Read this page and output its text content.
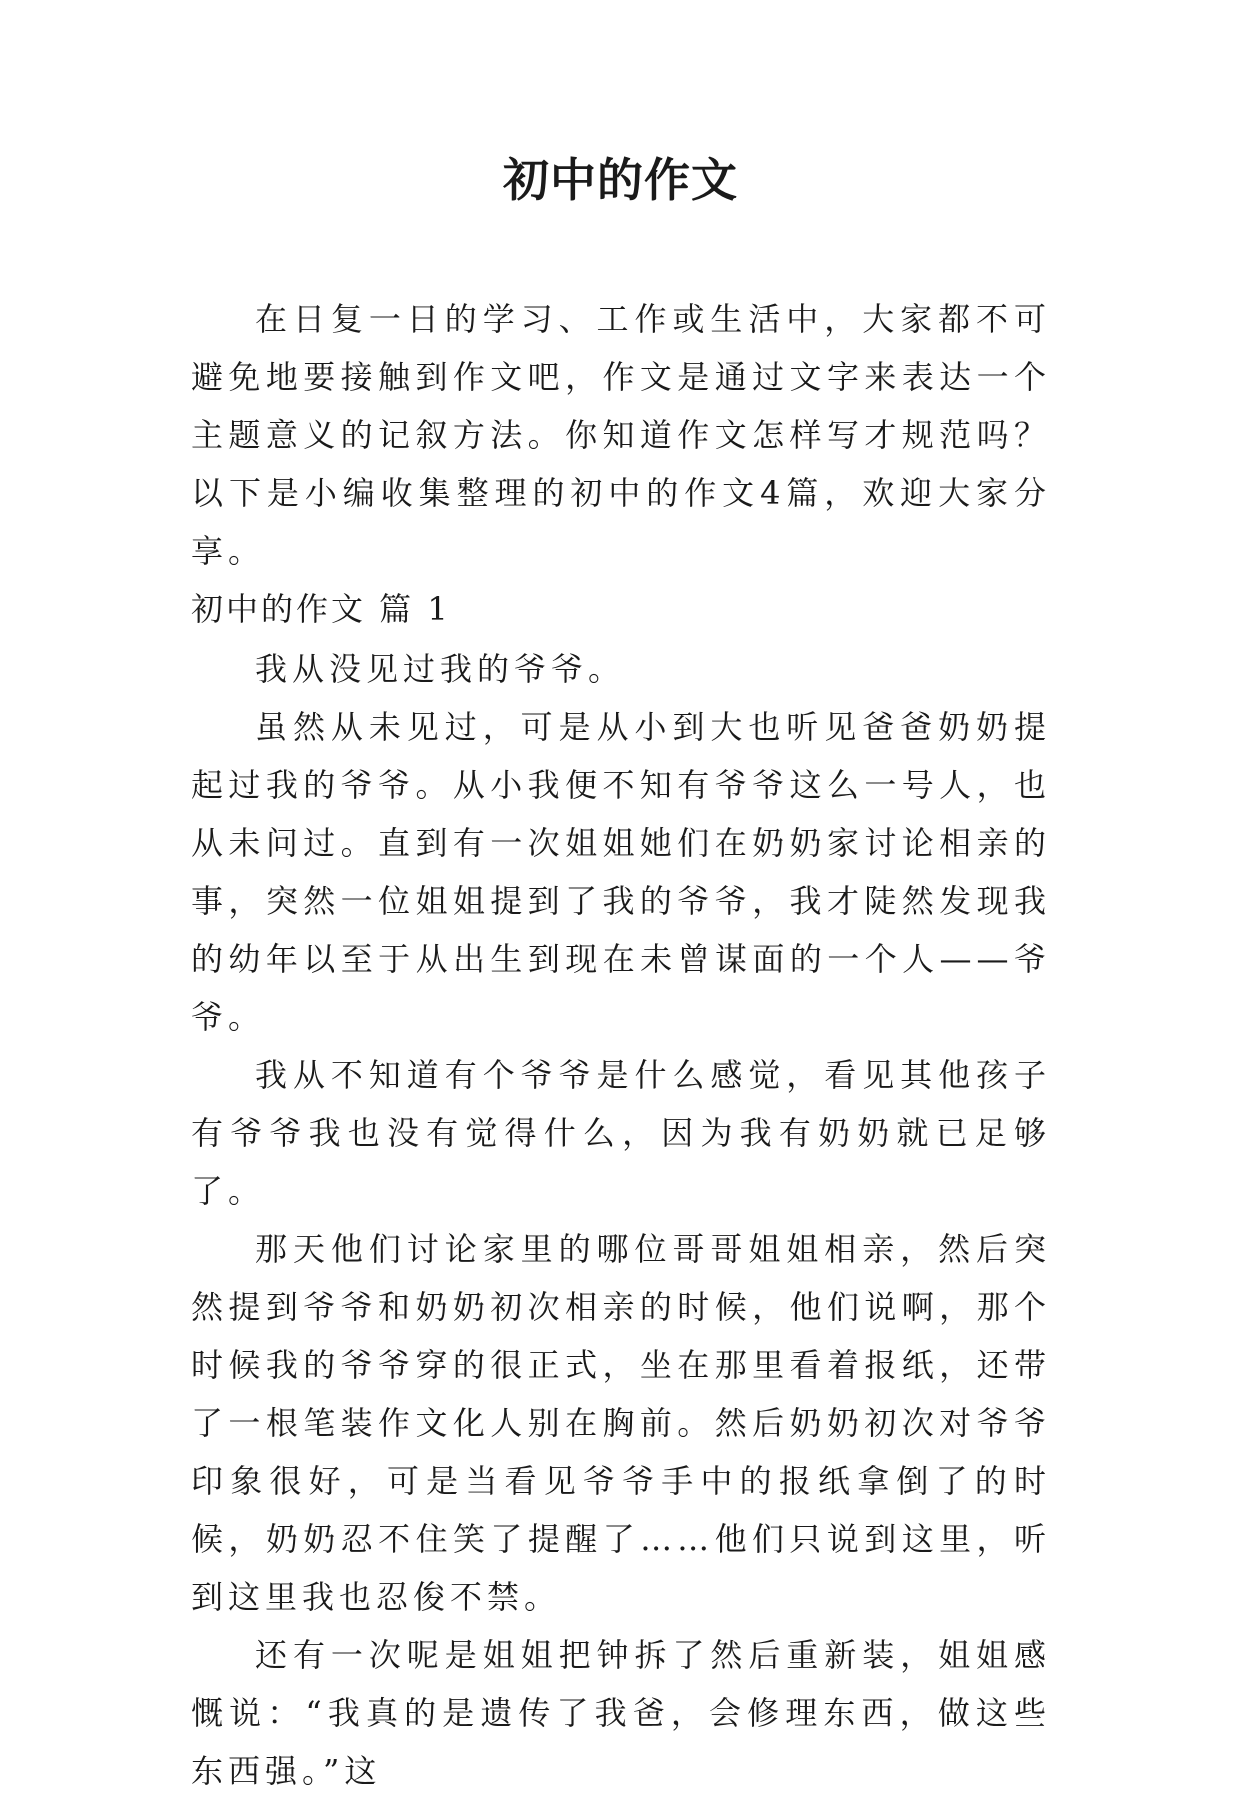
初中的作文

在日复一日的学习、工作或生活中，大家都不可避免地要接触到作文吧，作文是通过文字来表达一个主题意义的记叙方法。你知道作文怎样写才规范吗？以下是小编收集整理的初中的作文4篇，欢迎大家分享。

初中的作文 篇 1

我从没见过我的爷爷。

虽然从未见过，可是从小到大也听见爸爸奶奶提起过我的爷爷。从小我便不知有爷爷这么一号人，也从未问过。直到有一次姐姐她们在奶奶家讨论相亲的事，突然一位姐姐提到了我的爷爷，我才陡然发现我的幼年以至于从出生到现在未曾谋面的一个人——爷爷。

我从不知道有个爷爷是什么感觉，看见其他孩子有爷爷我也没有觉得什么，因为我有奶奶就已足够了。

那天他们讨论家里的哪位哥哥姐姐相亲，然后突然提到爷爷和奶奶初次相亲的时候，他们说啊，那个时候我的爷爷穿的很正式，坐在那里看着报纸，还带了一根笔装作文化人别在胸前。然后奶奶初次对爷爷印象很好，可是当看见爷爷手中的报纸拿倒了的时候，奶奶忍不住笑了提醒了……他们只说到这里，听到这里我也忍俊不禁。

还有一次呢是姐姐把钟拆了然后重新装，姐姐感慨说：“我真的是遗传了我爸，会修理东西，做这些东西强。”这
